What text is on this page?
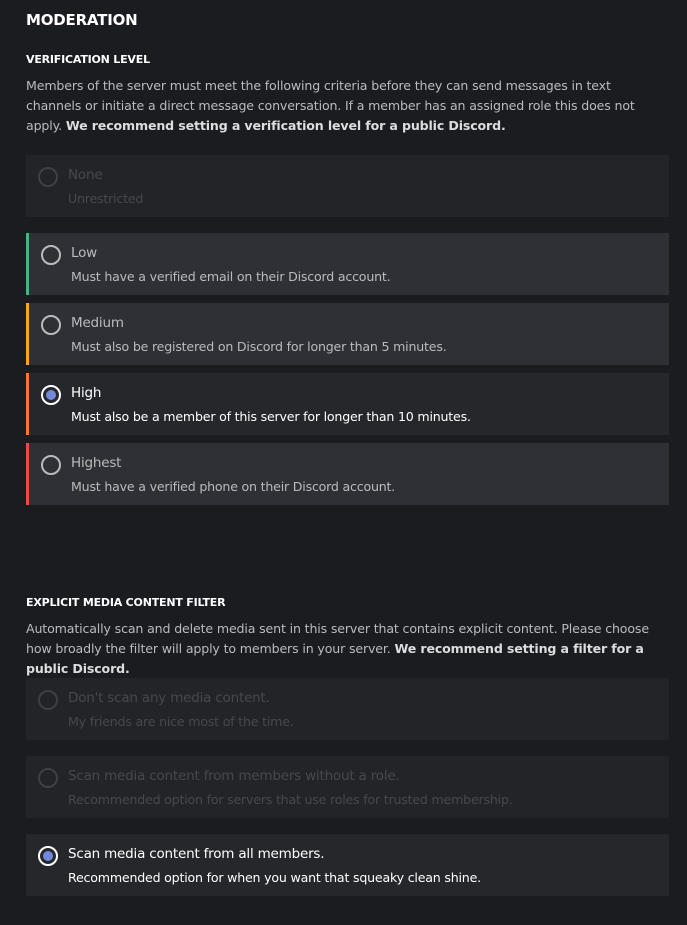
MODERATION
VERIFICATION LEVEL
Members of the server must meet the following criteria before they can send messages in text channels or initiate a direct message conversation. If a member has an assigned role this does not apply. We recommend setting a verification level for a public Discord.
None
Unrestricted
Low
Must have a verified email on their Discord account.
Medium
Must also be registered on Discord for longer than 5 minutes.
High
Must also be a member of this server for longer than 10 minutes.
Highest
Must have a verified phone on their Discord account.
EXPLICIT MEDIA CONTENT FILTER
Automatically scan and delete media sent in this server that contains explicit content. Please choose how broadly the filter will apply to members in your server. We recommend setting a filter for a public Discord.
Don't scan any media content.
My friends are nice most of the time.
Scan media content from members without a role.
Recommended option for servers that use roles for trusted membership.
Scan media content from all members.
Recommended option for when you want that squeaky clean shine.
